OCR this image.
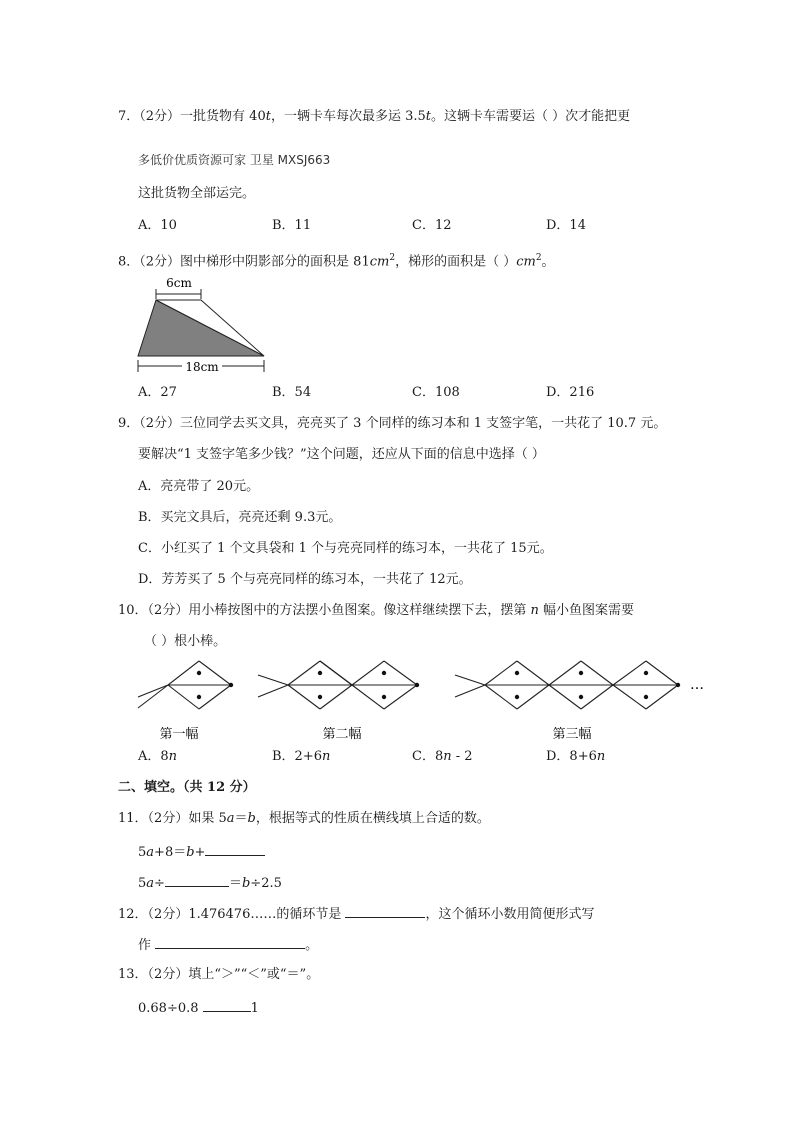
7．（2分）一批货物有 40t，一辆卡车每次最多运 3.5t。这辆卡车需要运（ ）次才能把更
多低价优质资源可家 卫星 MXSJ663
这批货物全部运完。
A．10	B．11	C．12	D．14
8．（2分）图中梯形中阴影部分的面积是 $81cm^2$，梯形的面积是（ ）$cm^2$。
6cm
18cm
A．27	B．54	C．108	D．216
9．（2分）三位同学去买文具，亮亮买了 3 个同样的练习本和 1 支签字笔，一共花了 10.7 元。
要解决“1 支签字笔多少钱？”这个问题，还应从下面的信息中选择（ ）
A．亮亮带了 20元。
B．买完文具后，亮亮还剩 9.3元。
C．小红买了 1 个文具袋和 1 个与亮亮同样的练习本，一共花了 15元。
D．芳芳买了 5 个与亮亮同样的练习本，一共花了 12元。
10．（2分）用小棒按图中的方法摆小鱼图案。像这样继续摆下去，摆第 n 幅小鱼图案需要
（ ）根小棒。
…
第一幅	第二幅	第三幅
A．8n	B．2+6n	C．8n - 2	D．8+6n
二、填空。（共 12 分）
11．（2分）如果 5a＝b，根据等式的性质在横线填上合适的数。
5a+8＝b+
5a÷	＝b÷2.5
12．（2分）1.476476……的循环节是	，这个循环小数用简便形式写
作	。
13．（2分）填上“＞”“＜”或“＝”。
0.68÷0.8	1
